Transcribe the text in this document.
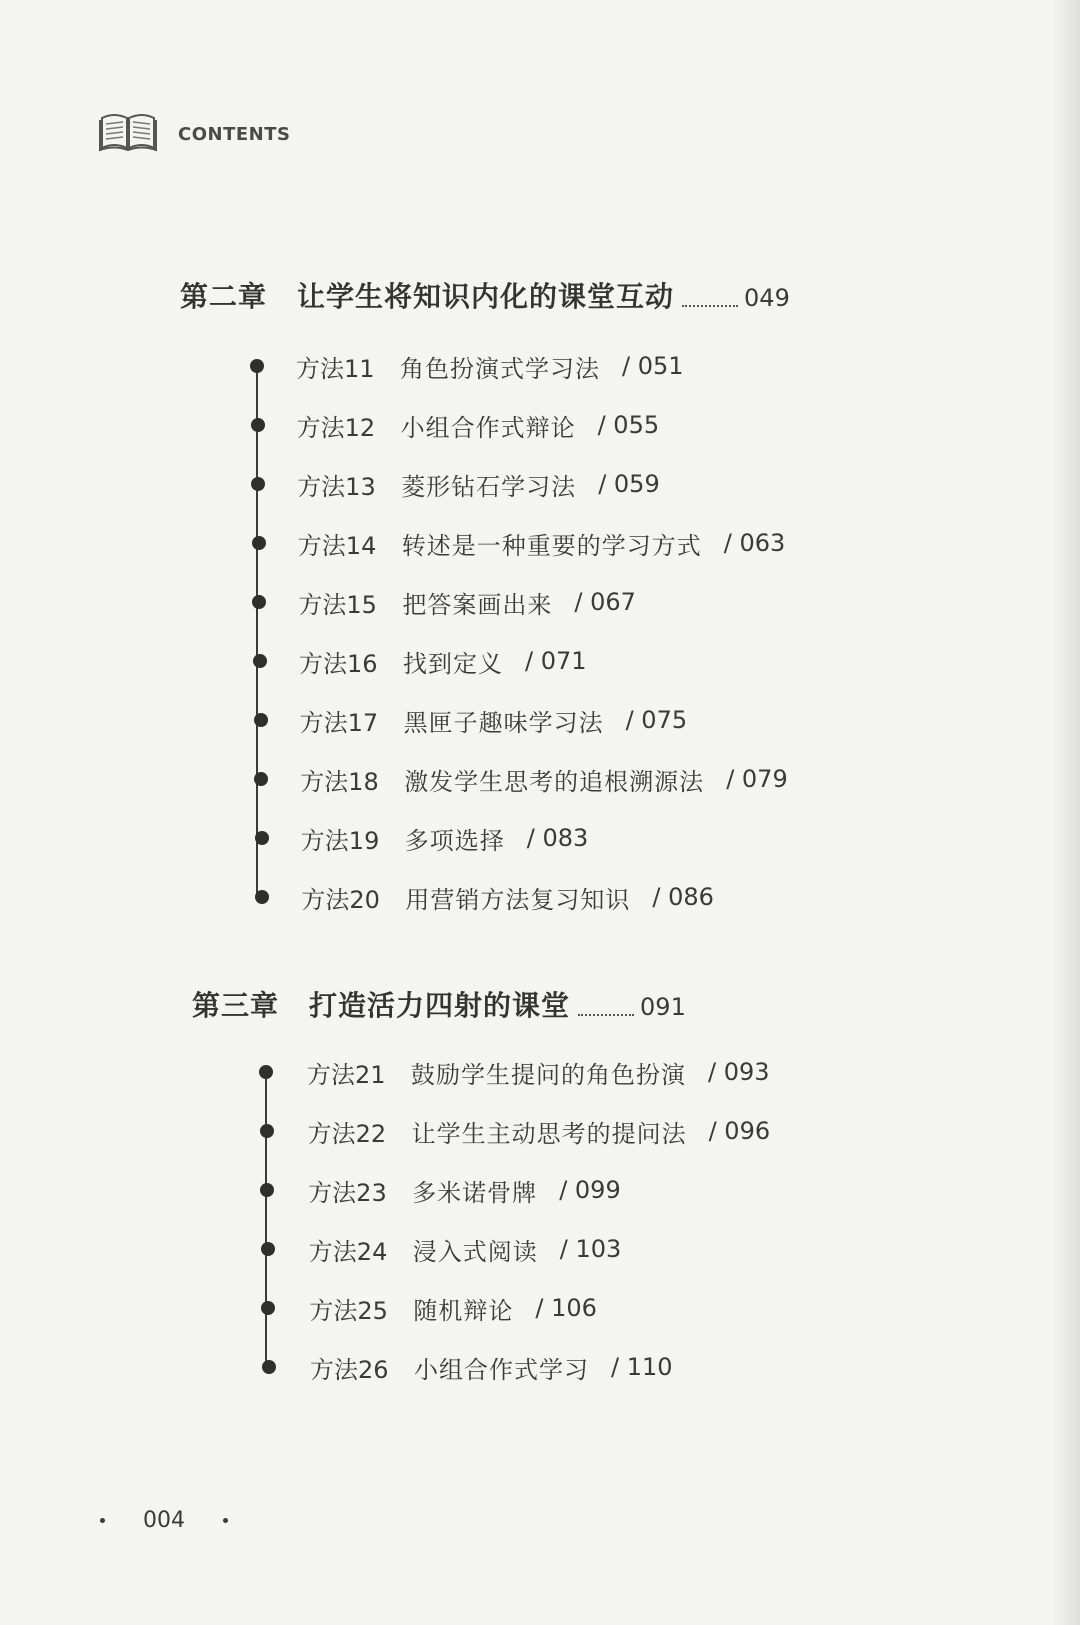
CONTENTS
第二章 让学生将知识内化的课堂互动	049
方法11	角色扮演式学习法 / 051
方法12	小组合作式辩论 / 055
方法13	菱形钻石学习法 / 059
方法14	转述是一种重要的学习方式 / 063
方法15	把答案画出来 / 067
方法16	找到定义 / 071
方法17	黑匣子趣味学习法 / 075
方法18	激发学生思考的追根溯源法 / 079
方法19	多项选择 / 083
方法20	用营销方法复习知识 / 086
第三章 打造活力四射的课堂	091
方法21	鼓励学生提问的角色扮演 / 093
方法22	让学生主动思考的提问法 / 096
方法23	多米诺骨牌 / 099
方法24	浸入式阅读 / 103
方法25	随机辩论 / 106
方法26	小组合作式学习 / 110
004
